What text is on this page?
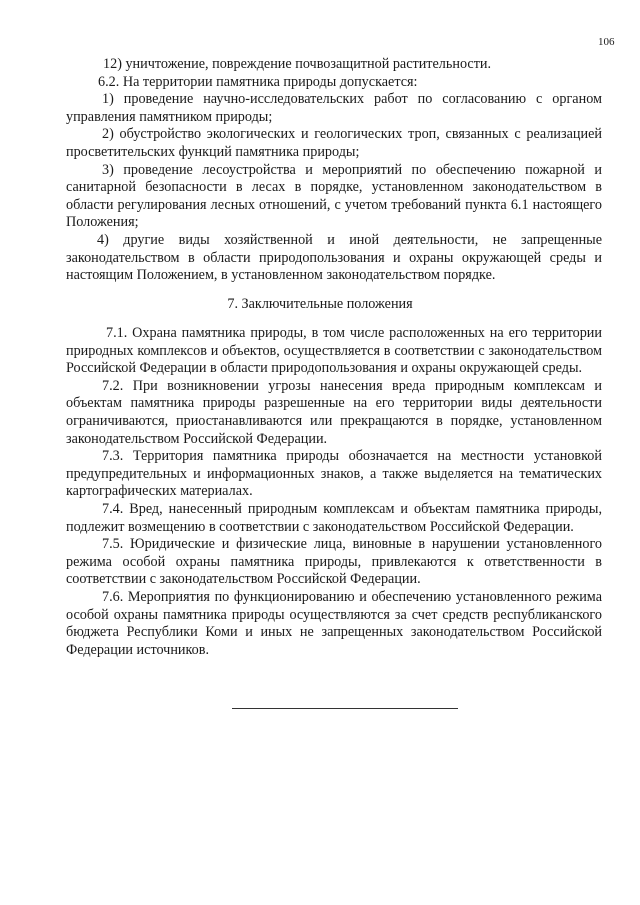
106

12) уничтожение, повреждение почвозащитной растительности.

6.2. На территории памятника природы допускается:

1) проведение научно-исследовательских работ по согласованию с органом управления памятником природы;

2) обустройство экологических и геологических троп, связанных с реализацией просветительских функций памятника природы;

3) проведение лесоустройства и мероприятий по обеспечению пожарной и санитарной безопасности в лесах в порядке, установленном законодательством в области регулирования лесных отношений, с учетом требований пункта 6.1 настоящего Положения;

4) другие виды хозяйственной и иной деятельности, не запрещенные законодательством в области природопользования и охраны окружающей среды и настоящим Положением, в установленном законодательством порядке.

7. Заключительные положения

7.1. Охрана памятника природы, в том числе расположенных на его территории природных комплексов и объектов, осуществляется в соответствии с законодательством Российской Федерации в области природопользования и охраны окружающей среды.

7.2. При возникновении угрозы нанесения вреда природным комплексам и объектам памятника природы разрешенные на его территории виды деятельности ограничиваются, приостанавливаются или прекращаются в порядке, установленном законодательством Российской Федерации.

7.3. Территория памятника природы обозначается на местности установкой предупредительных и информационных знаков, а также выделяется на тематических картографических материалах.

7.4. Вред, нанесенный природным комплексам и объектам памятника природы, подлежит возмещению в соответствии с законодательством Российской Федерации.

7.5. Юридические и физические лица, виновные в нарушении установленного режима особой охраны памятника природы, привлекаются к ответственности в соответствии с законодательством Российской Федерации.

7.6. Мероприятия по функционированию и обеспечению установленного режима особой охраны памятника природы осуществляются за счет средств республиканского бюджета Республики Коми и иных не запрещенных законодательством Российской Федерации источников.
